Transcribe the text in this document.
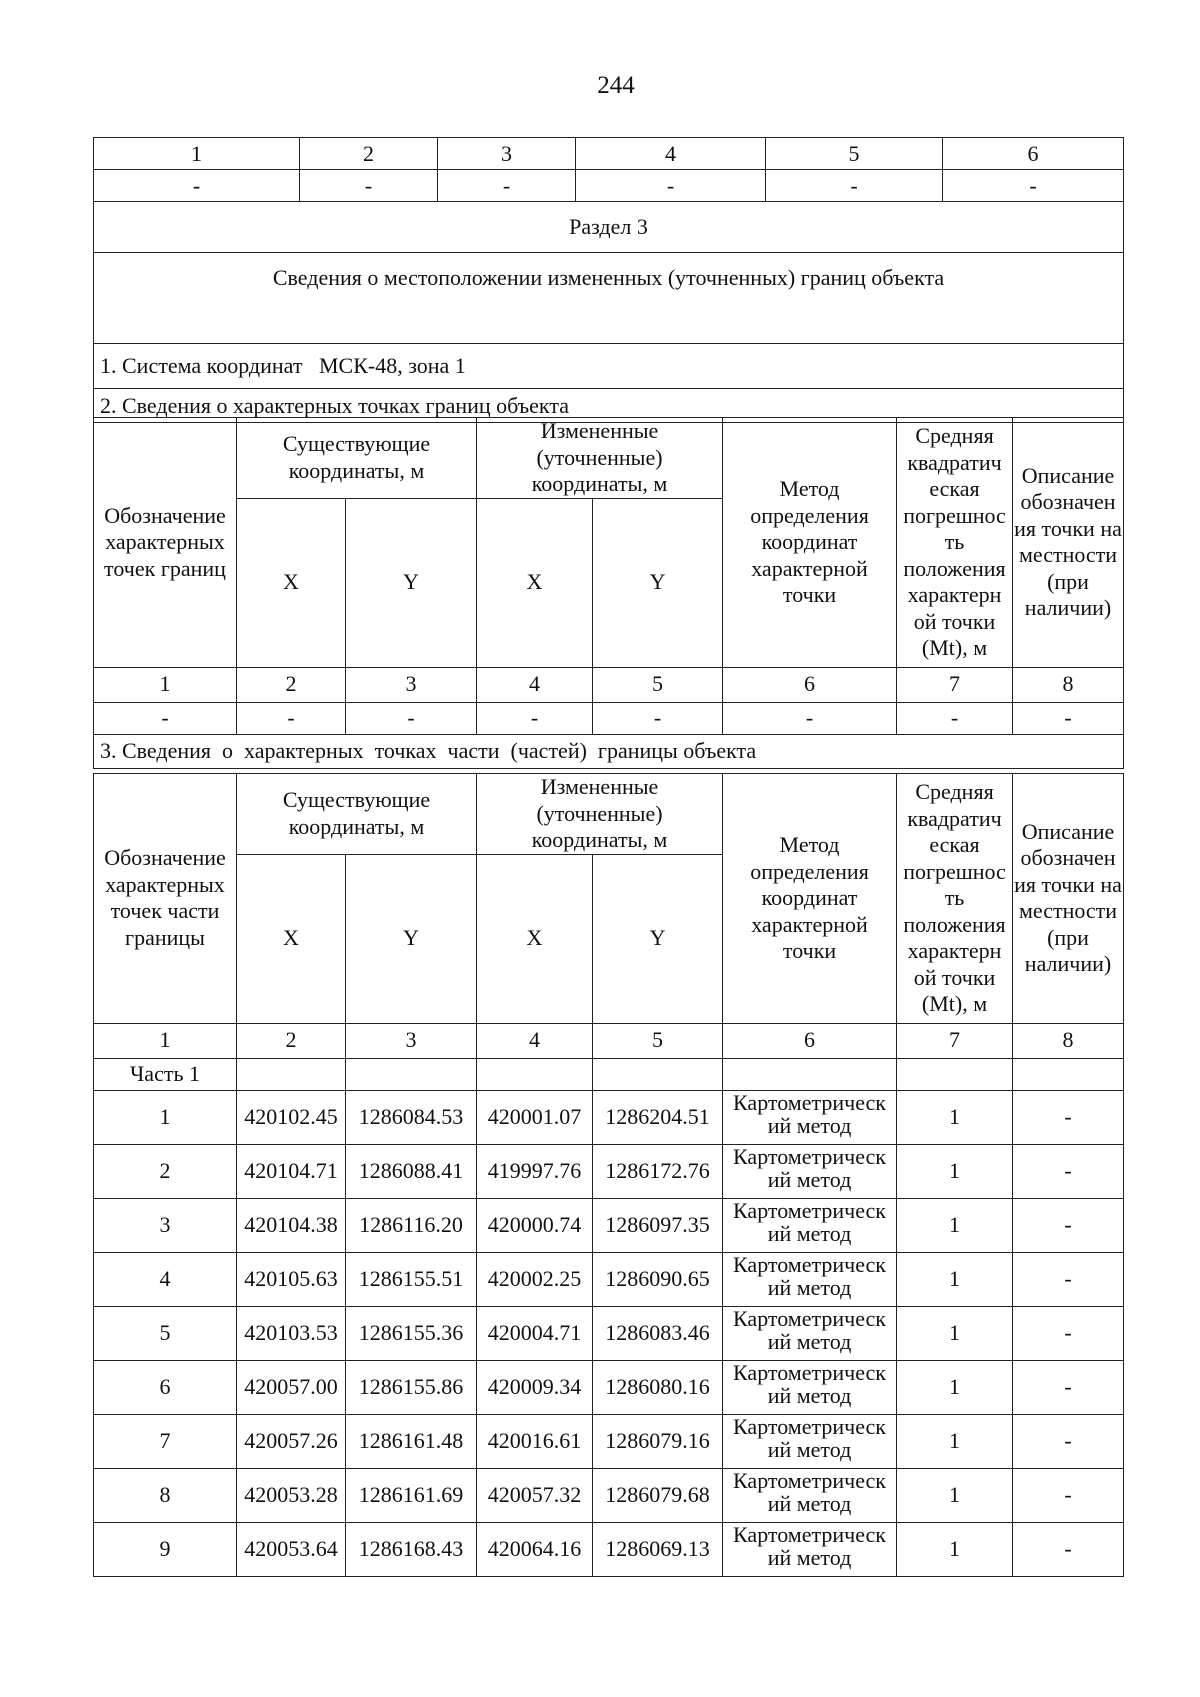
244
1	2	3	4	5	6
-	-	-	-	-	-
Раздел 3					
Сведения о местоположении измененных (уточненных) границ объекта					
1. Система координат   МСК-48, зона 1					
2. Сведения о характерных точках границ объекта					
Обозначение характерных точек границ	Существующие координаты, м		Измененные (уточненные) координаты, м		Метод определения координат характерной точки	Средняя квадратич еская погрешнос ть положения характерн ой точки (Mt), м	Описание обозначен ия точки на местности (при наличии)
	X	Y	X	Y			
1	2	3	4	5	6	7	8
-	-	-	-	-	-	-	-
3. Сведения  о  характерных  точках  части  (частей)  границы объекта							
Обозначение характерных точек части границы	Существующие координаты, м		Измененные (уточненные) координаты, м		Метод определения координат характерной точки	Средняя квадратич еская погрешнос ть положения характерн ой точки (Mt), м	Описание обозначен ия точки на местности (при наличии)
	X	Y	X	Y			
1	2	3	4	5	6	7	8
Часть 1							
1	420102.45	1286084.53	420001.07	1286204.51	Картометрическ ий метод	1	-
2	420104.71	1286088.41	419997.76	1286172.76	Картометрическ ий метод	1	-
3	420104.38	1286116.20	420000.74	1286097.35	Картометрическ ий метод	1	-
4	420105.63	1286155.51	420002.25	1286090.65	Картометрическ ий метод	1	-
5	420103.53	1286155.36	420004.71	1286083.46	Картометрическ ий метод	1	-
6	420057.00	1286155.86	420009.34	1286080.16	Картометрическ ий метод	1	-
7	420057.26	1286161.48	420016.61	1286079.16	Картометрическ ий метод	1	-
8	420053.28	1286161.69	420057.32	1286079.68	Картометрическ ий метод	1	-
9	420053.64	1286168.43	420064.16	1286069.13	Картометрическ ий метод	1	-
